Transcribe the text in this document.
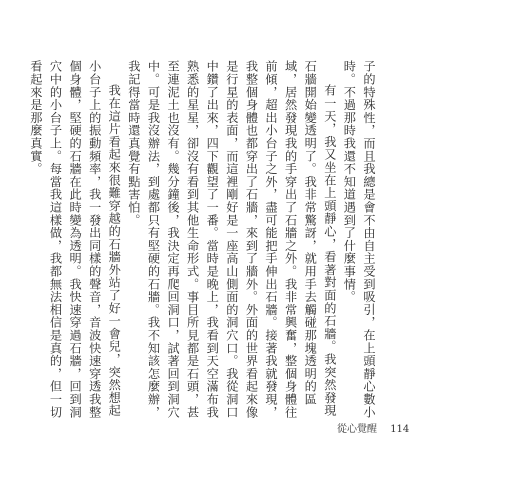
子的特殊性，而且我總是會不由自主受到吸引，在上頭靜心數小時。不過那時我還不知道遇到了什麼事情。

有一天，我又坐在上頭靜心，看著對面的石牆。我突然發現石牆開始變透明了。我非常驚訝，就用手去觸碰那塊透明的區域，居然發現我的手穿出了石牆之外。我非常興奮，整個身體往前傾，超出小台子之外，盡可能把手伸出石牆。接著我就發現，我整個身體也都穿出了石牆，來到了牆外。外面的世界看起來像是行星的表面，而這裡剛好是一座高山側面的洞穴口。我從洞口中鑽了出來，四下觀望了一番。當時是晚上，我看到天空滿布我熟悉的星星，卻沒有看到其他生命形式。事目所見都是石頭，甚至連泥土也沒有。幾分鐘後，我決定再爬回洞口，試著回到洞穴中。可是我沒辦法，到處都只有堅硬的石牆。我不知該怎麼辦，我記得當時還真覺有點害怕。

我在這片看起來很難穿越的石牆外站了好一會兒，突然想起小台子上的振動頻率，我一發出同樣的聲音，音波快速穿透我整個身體，堅硬的石牆在此時變為透明。我快速穿過石牆，回到洞穴中的小台子上。每當我這樣做，我都無法相信是真的，但一切看起來是那麼真實。

從心覺醒 114
